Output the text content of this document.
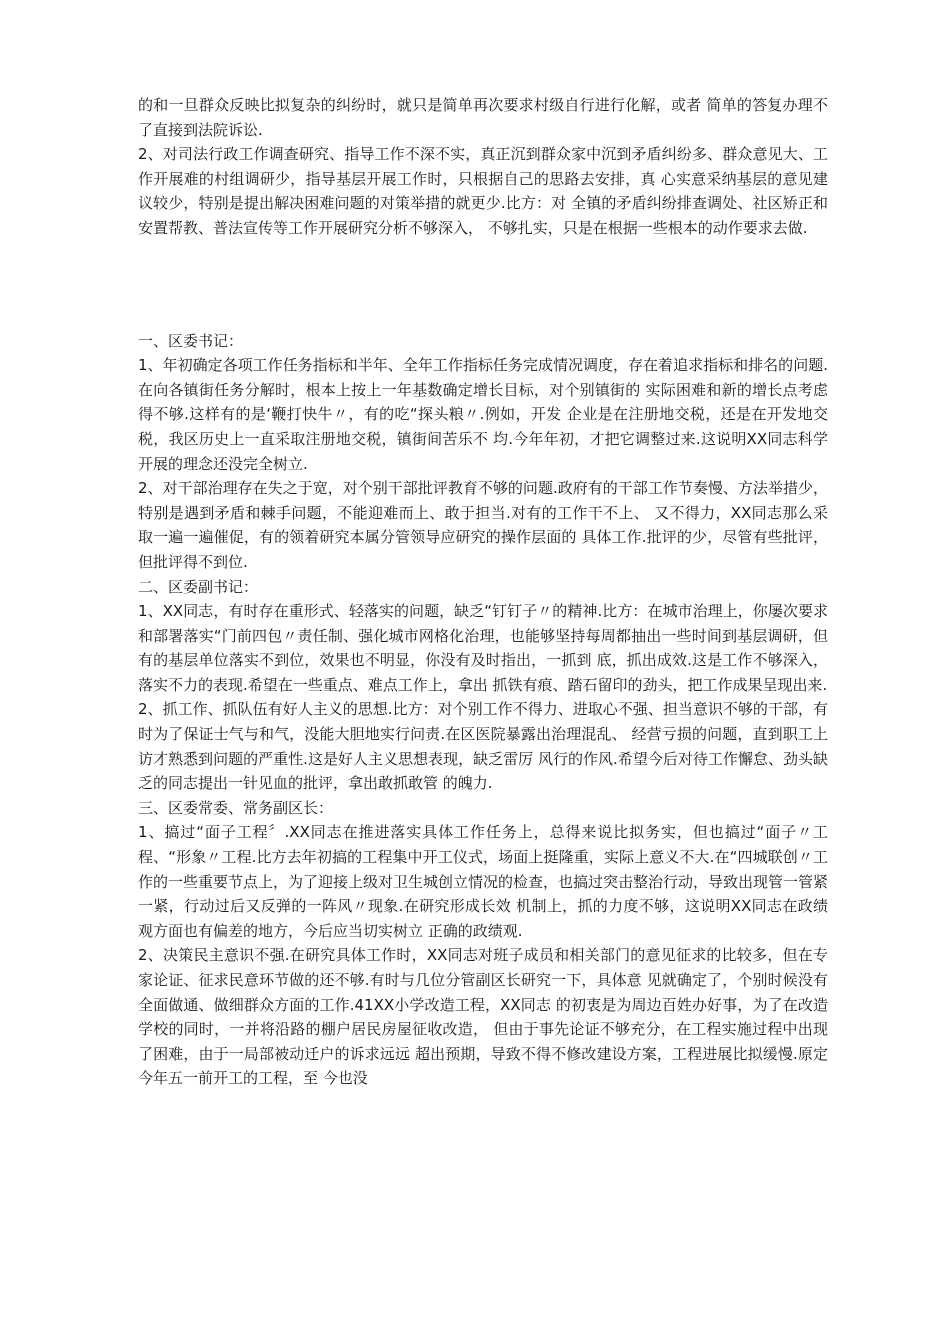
的和一旦群众反映比拟复杂的纠纷时，就只是简单再次要求村级自行进行化解，或者 简单的答复办理不了直接到法院诉讼.

2、对司法行政工作调查研究、指导工作不深不实，真正沉到群众家中沉到矛盾纠纷多、群众意见大、工作开展难的村组调研少，指导基层开展工作时，只根据自己的思路去安排，真 心实意采纳基层的意见建议较少，特别是提出解决困难问题的对策举措的就更少.比方：对 全镇的矛盾纠纷排查调处、社区矫正和安置帮教、普法宣传等工作开展研究分析不够深入， 不够扎实，只是在根据一些根本的动作要求去做.

一、区委书记：

1、年初确定各项工作任务指标和半年、全年工作指标任务完成情况调度，存在着追求指标和排名的问题.在向各镇街任务分解时，根本上按上一年基数确定增长目标，对个别镇街的 实际困难和新的增长点考虑得不够.这样有的是‘鞭打快牛〃，有的吃“探头粮〃.例如，开发 企业是在注册地交税，还是在开发地交税，我区历史上一直采取注册地交税，镇街间苦乐不 均.今年年初，才把它调整过来.这说明XX同志科学开展的理念还没完全树立.

2、对干部治理存在失之于宽，对个别干部批评教育不够的问题.政府有的干部工作节奏慢、方法举措少，特别是遇到矛盾和棘手问题，不能迎难而上、敢于担当.对有的工作干不上、 又不得力，XX同志那么采取一遍一遍催促，有的领着研究本属分管领导应研究的操作层面的 具体工作.批评的少，尽管有些批评，但批评得不到位.

二、区委副书记：

1、XX同志，有时存在重形式、轻落实的问题，缺乏“钉钉子〃的精神.比方：在城市治理上，你屡次要求和部署落实“门前四包〃责任制、强化城市网格化治理，也能够坚持每周都抽出一些时间到基层调研，但有的基层单位落实不到位，效果也不明显，你没有及时指出，一抓到 底，抓出成效.这是工作不够深入，落实不力的表现.希望在一些重点、难点工作上，拿出 抓铁有痕、踏石留印的劲头，把工作成果呈现出来.

2、抓工作、抓队伍有好人主义的思想.比方：对个别工作不得力、进取心不强、担当意识不够的干部，有时为了保证士气与和气，没能大胆地实行问责.在区医院暴露出治理混乱、 经营亏损的问题，直到职工上访才熟悉到问题的严重性.这是好人主义思想表现，缺乏雷厉 风行的作风.希望今后对待工作懈怠、劲头缺乏的同志提出一针见血的批评，拿出敢抓敢管 的魄力.

三、区委常委、常务副区长：

1、搞过“面子工程〞.XX同志在推进落实具体工作任务上，总得来说比拟务实，但也搞过“面子〃工程、“形象〃工程.比方去年初搞的工程集中开工仪式，场面上挺隆重，实际上意义不大.在“四城联创〃工作的一些重要节点上，为了迎接上级对卫生城创立情况的检查，也搞过突击整治行动，导致出现管一管紧一紧，行动过后又反弹的一阵风〃现象.在研究形成长效 机制上，抓的力度不够，这说明XX同志在政绩观方面也有偏差的地方，今后应当切实树立 正确的政绩观.

2、决策民主意识不强.在研究具体工作时，XX同志对班子成员和相关部门的意见征求的比较多，但在专家论证、征求民意环节做的还不够.有时与几位分管副区长研究一下，具体意 见就确定了，个别时候没有全面做通、做细群众方面的工作.41XX小学改造工程，XX同志 的初衷是为周边百姓办好事，为了在改造学校的同时，一并将沿路的棚户居民房屋征收改造， 但由于事先论证不够充分，在工程实施过程中出现了困难，由于一局部被动迁户的诉求远远 超出预期，导致不得不修改建设方案，工程进展比拟缓慢.原定今年五一前开工的工程，至 今也没
